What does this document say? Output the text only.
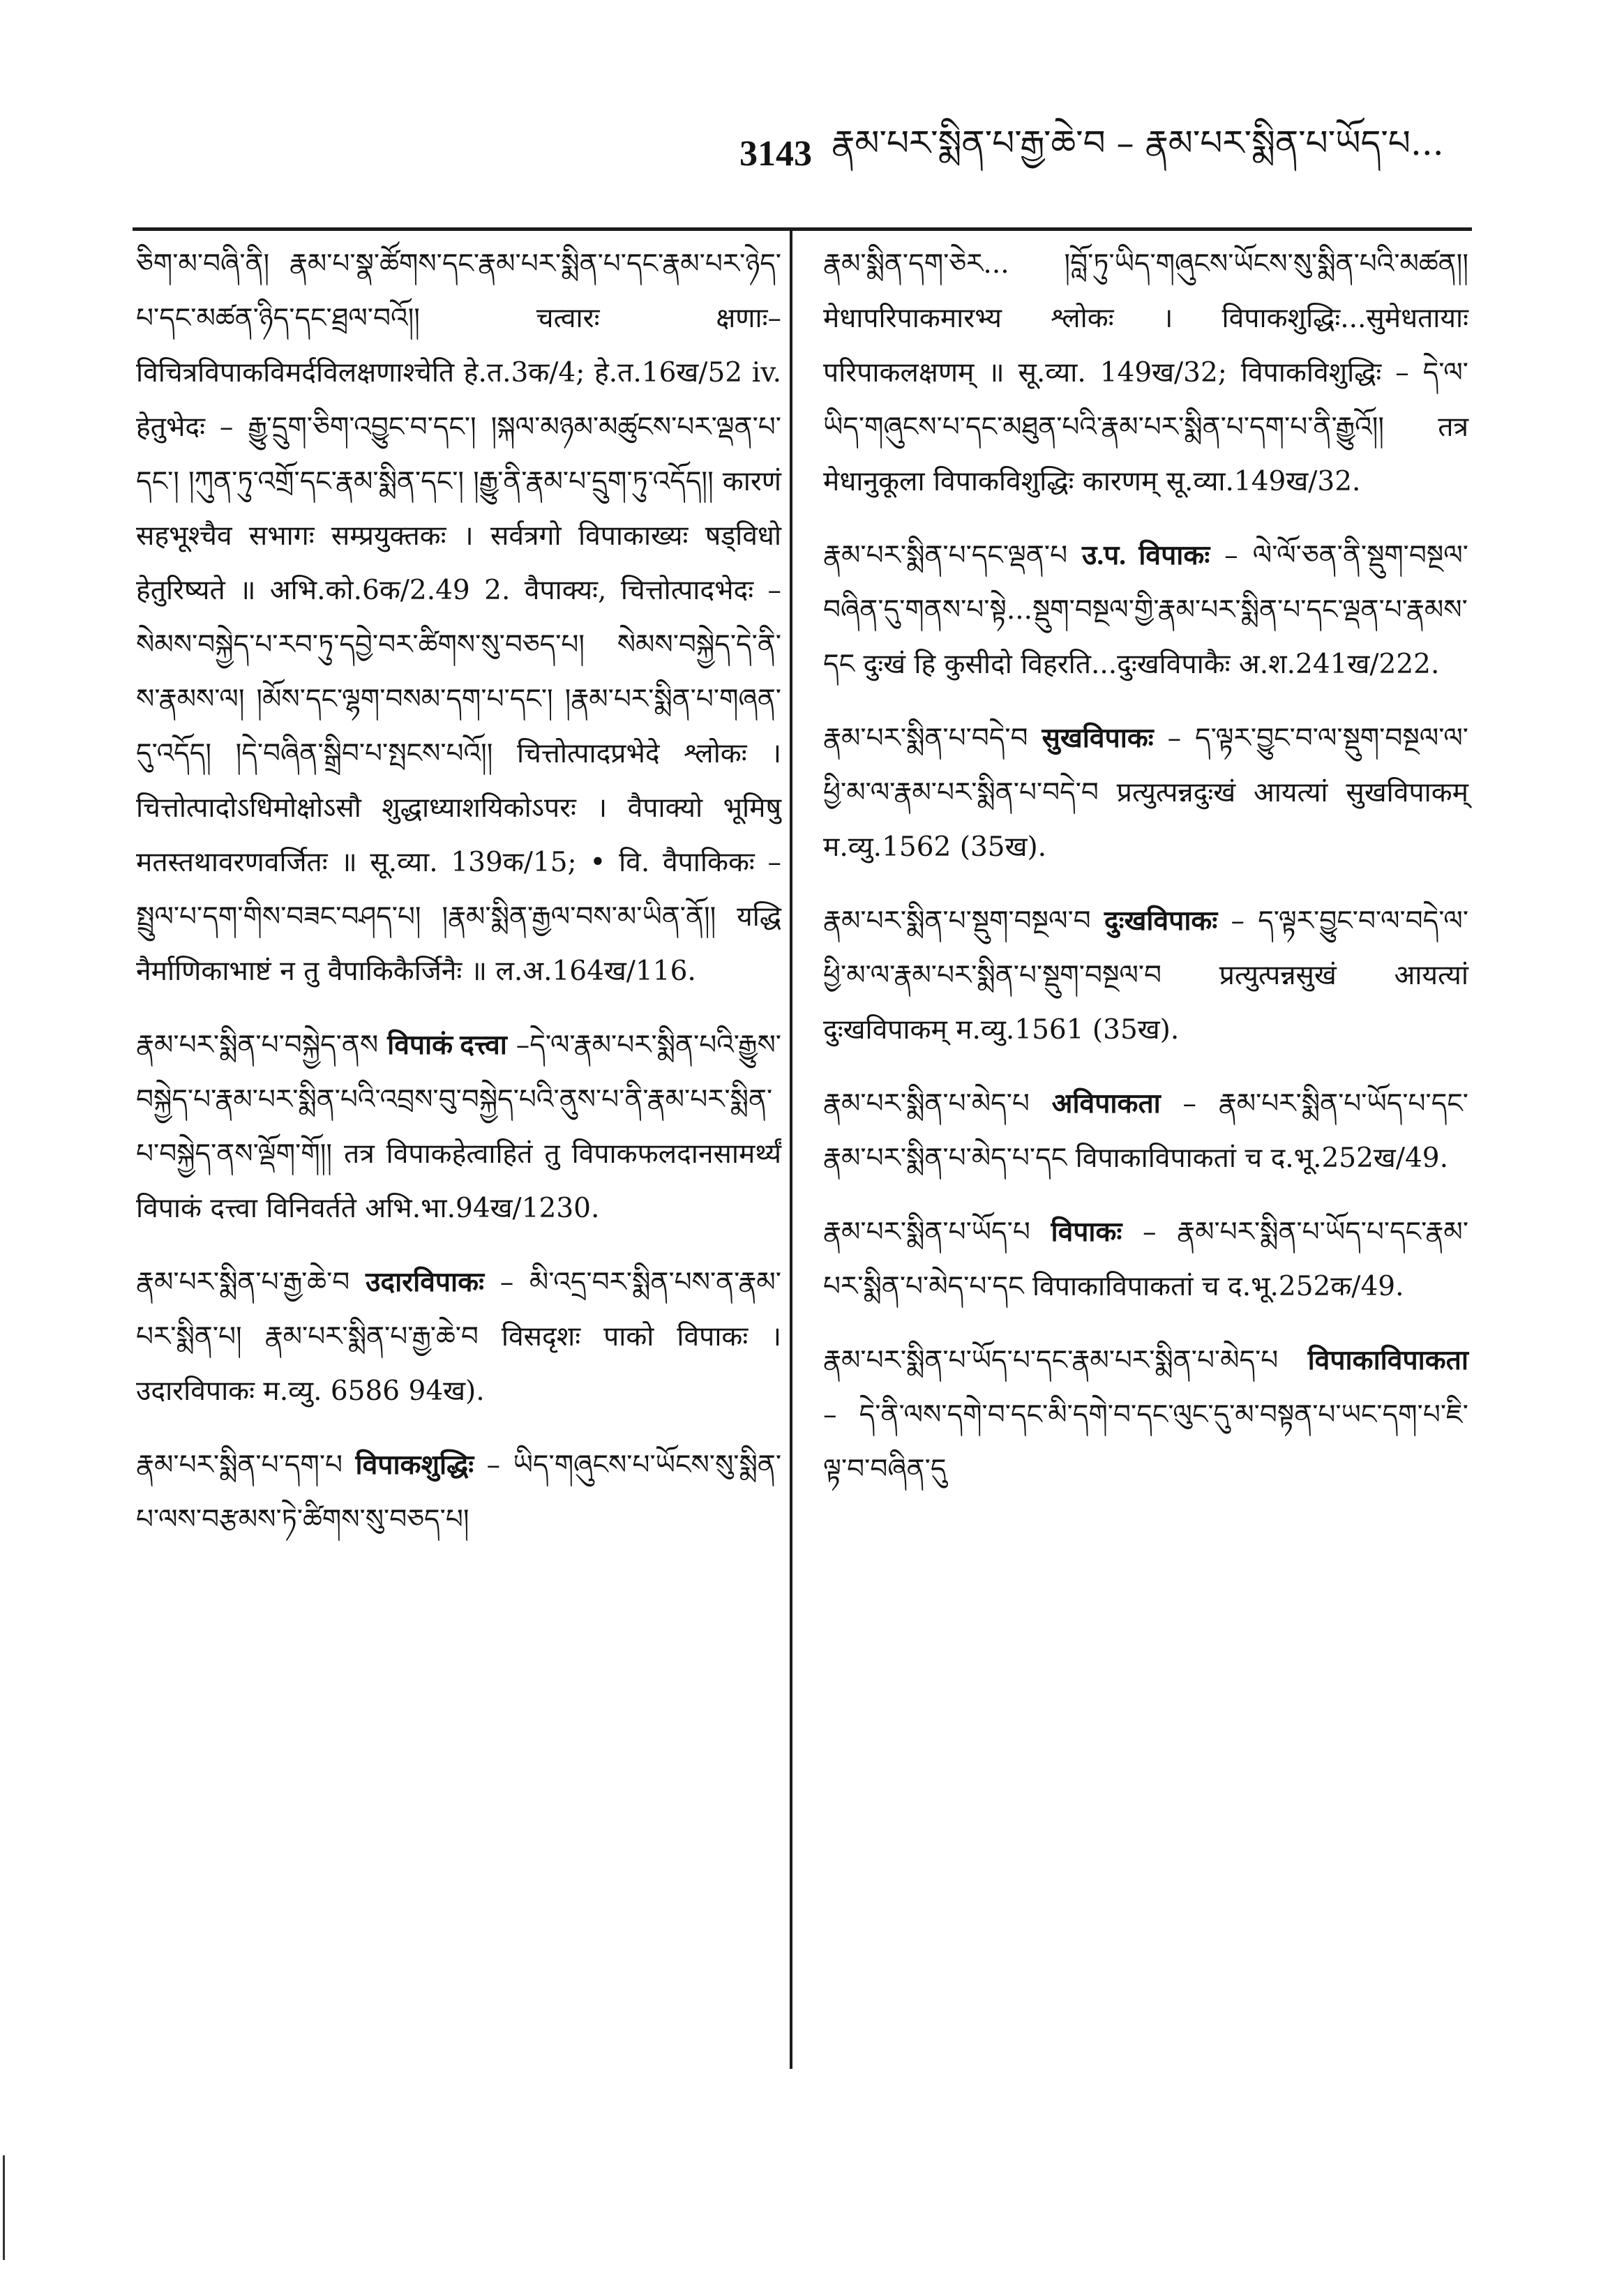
3143 རྣམ་པར་སྨིན་པ་རྒྱ་ཆེ་བ – རྣམ་པར་སྨིན་པ་ཡོད་པ...

ཅིག་མ་བཞི་ནི། རྣམ་པ་སྣ་ཚོགས་དང་རྣམ་པར་སྨིན་པ་དང་རྣམ་པར་ཉེད་པ་དང་མཚན་ཉིད་དང་ཐྲལ་བའོ།། चत्वारः क्षणाः–विचित्रविपाकविमर्दविलक्षणाश्चेति हे.त.3क/4; हे.त.16ख/52 iv. हेतुभेदः – རྒྱུ་དྲུག་ཅིག་འབྱུང་བ་དང་། །སྐལ་མཉམ་མཚུངས་པར་ལྡན་པ་དང་། །ཀུན་ཏུ་འགྲོ་དང་རྣམ་སྨིན་དང་། །རྒྱུ་ནི་རྣམ་པ་དྲུག་ཏུ་འདོད།། कारणं सहभूश्चैव सभागः सम्प्रयुक्तकः । सर्वत्रगो विपाकाख्यः षड्विधो हेतुरिष्यते ॥ अभि.को.6क/2.49 2. वैपाक्यः, चित्तोत्पादभेदः – སེམས་བསྐྱེད་པ་རབ་ཏུ་དབྱེ་བར་ཚིགས་སུ་བཅད་པ། སེམས་བསྐྱེད་དེ་ནི་ས་རྣམས་ལ། །མོས་དང་ལྷག་བསམ་དག་པ་དང་། །རྣམ་པར་སྨིན་པ་གཞན་དུ་འདོད། །དེ་བཞིན་སྒྲིབ་པ་སྤངས་པའོ།། चित्तोत्पादप्रभेदे श्लोकः । चित्तोत्पादोऽधिमोक्षोऽसौ शुद्धाध्याशयिकोऽपरः । वैपाक्यो भूमिषु मतस्तथावरणवर्जितः ॥ सू.व्या. 139क/15; • वि. वैपाकिकः – སྤྲུལ་པ་དག་གིས་བཟང་བཤད་པ། །རྣམ་སྨིན་རྒྱལ་བས་མ་ཡིན་ནོ།། यद्धि नैर्माणिकाभाष्टं न तु वैपाकिकैर्जिनैः ॥ ल.अ.164ख/116.

རྣམ་པར་སྨིན་པ་བསྐྱེད་ནས विपाकं दत्त्वा –དེ་ལ་རྣམ་པར་སྨིན་པའི་རྒྱུས་བསྐྱེད་པ་རྣམ་པར་སྨིན་པའི་འབྲས་བུ་བསྐྱེད་པའི་ནུས་པ་ནི་རྣམ་པར་སྨིན་པ་བསྐྱེད་ནས་ལྡོག་གོ།། तत्र विपाकहेत्वाहितं तु विपाकफलदानसामर्थ्यं विपाकं दत्त्वा विनिवर्तते अभि.भा.94ख/1230.

རྣམ་པར་སྨིན་པ་རྒྱ་ཆེ་བ उदारविपाकः – མི་འདྲ་བར་སྨིན་པས་ན་རྣམ་པར་སྨིན་པ། རྣམ་པར་སྨིན་པ་རྒྱ་ཆེ་བ विसदृशः पाको विपाकः । उदारविपाकः म.व्यु. 6586 94ख).

རྣམ་པར་སྨིན་པ་དག་པ विपाकशुद्धिः – ཡིད་གཞུངས་པ་ཡོངས་སུ་སྨིན་པ་ལས་བརྩམས་ཏེ་ཚིགས་སུ་བཅད་པ།

རྣམ་སྨིན་དག་ཅེར... །བློ་ཏུ་ཡིད་གཞུངས་ཡོངས་སུ་སྨིན་པའི་མཚན།། मेधापरिपाकमारभ्य श्लोकः । विपाकशुद्धिः...सुमेधतायाः परिपाकलक्षणम् ॥ सू.व्या. 149ख/32; विपाकविशुद्धिः – དེ་ལ་ཡིད་གཞུངས་པ་དང་མཐུན་པའི་རྣམ་པར་སྨིན་པ་དག་པ་ནི་རྒྱུའོ།། तत्र मेधानुकूला विपाकविशुद्धिः कारणम् सू.व्या.149ख/32.

རྣམ་པར་སྨིན་པ་དང་ལྡན་པ उ.प. विपाकः – ལེ་ལོ་ཅན་ནི་སྡུག་བསྔལ་བཞིན་དུ་གནས་པ་སྟེ...སྡུག་བསྔལ་གྱི་རྣམ་པར་སྨིན་པ་དང་ལྡན་པ་རྣམས་དང दुःखं हि कुसीदो विहरति...दुःखविपाकैः अ.श.241ख/222.

རྣམ་པར་སྨིན་པ་བདེ་བ सुखविपाकः – ད་ལྟར་བྱུང་བ་ལ་སྡུག་བསྔལ་ལ་ཕྱི་མ་ལ་རྣམ་པར་སྨིན་པ་བདེ་བ प्रत्युत्पन्नदुःखं आयत्यां सुखविपाकम् म.व्यु.1562 (35ख).

རྣམ་པར་སྨིན་པ་སྡུག་བསྔལ་བ दुःखविपाकः – ད་ལྟར་བྱུང་བ་ལ་བདེ་ལ་ཕྱི་མ་ལ་རྣམ་པར་སྨིན་པ་སྡུག་བསྔལ་བ प्रत्युत्पन्नसुखं आयत्यां दुःखविपाकम् म.व्यु.1561 (35ख).

རྣམ་པར་སྨིན་པ་མེད་པ अविपाकता – རྣམ་པར་སྨིན་པ་ཡོད་པ་དང་རྣམ་པར་སྨིན་པ་མེད་པ་དང विपाकाविपाकतां च द.भू.252ख/49.

རྣམ་པར་སྨིན་པ་ཡོད་པ विपाकः – རྣམ་པར་སྨིན་པ་ཡོད་པ་དང་རྣམ་པར་སྨིན་པ་མེད་པ་དང विपाकाविपाकतां च द.भू.252क/49.

རྣམ་པར་སྨིན་པ་ཡོད་པ་དང་རྣམ་པར་སྨིན་པ་མེད་པ विपाकाविपाकता – དེ་ནི་ལས་དགེ་བ་དང་མི་དགེ་བ་དང་ལུང་དུ་མ་བསྟན་པ་ཡང་དག་པ་ཇི་ལྟ་བ་བཞིན་དུ
